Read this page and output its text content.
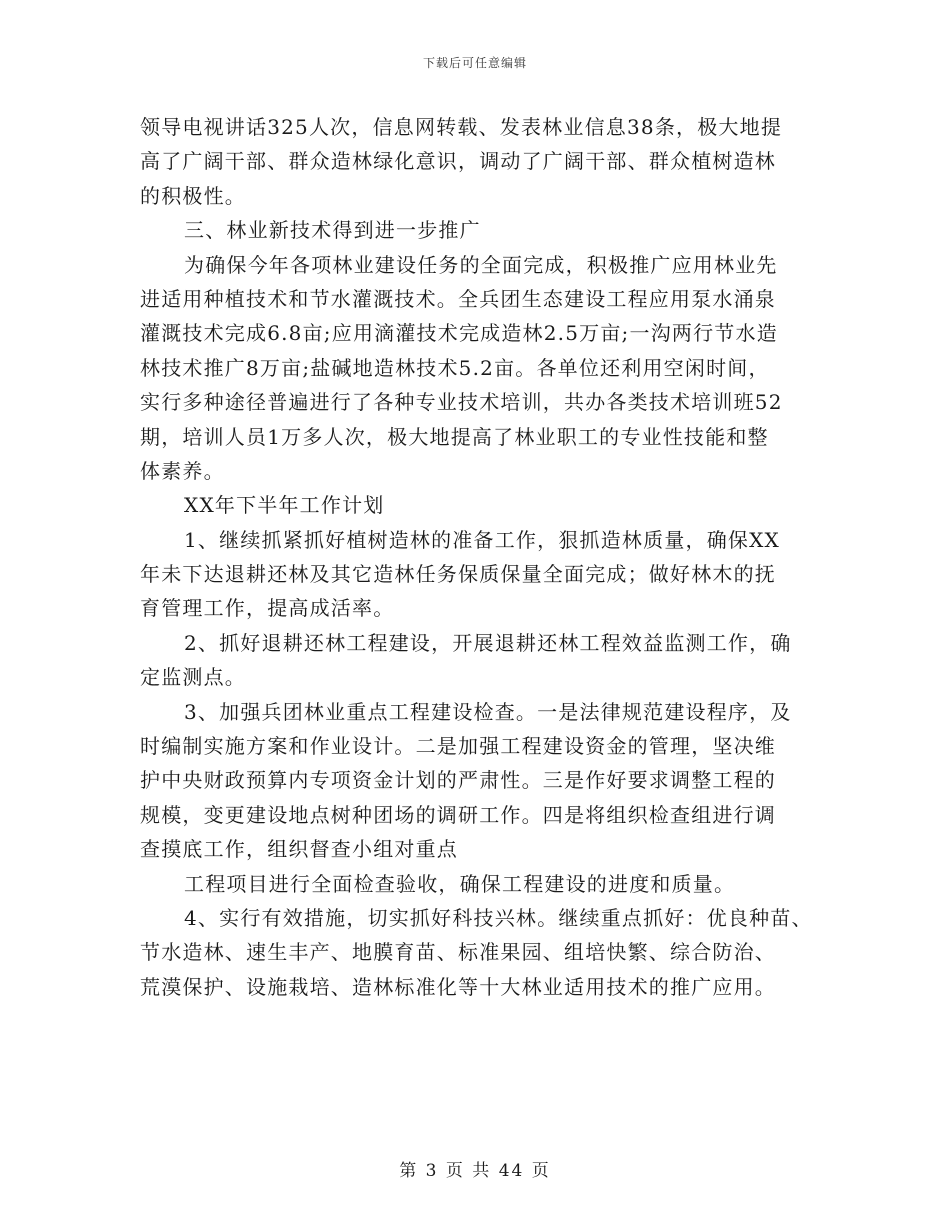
下载后可任意编辑
领导电视讲话325人次，信息网转载、发表林业信息38条，极大地提
高了广阔干部、群众造林绿化意识，调动了广阔干部、群众植树造林
的积极性。
三、林业新技术得到进一步推广
为确保今年各项林业建设任务的全面完成，积极推广应用林业先
进适用种植技术和节水灌溉技术。全兵团生态建设工程应用泵水涌泉
灌溉技术完成6.8亩;应用滴灌技术完成造林2.5万亩;一沟两行节水造
林技术推广8万亩;盐碱地造林技术5.2亩。各单位还利用空闲时间，
实行多种途径普遍进行了各种专业技术培训，共办各类技术培训班52
期，培训人员1万多人次，极大地提高了林业职工的专业性技能和整
体素养。
XX年下半年工作计划
1、继续抓紧抓好植树造林的准备工作，狠抓造林质量，确保XX
年未下达退耕还林及其它造林任务保质保量全面完成；做好林木的抚
育管理工作，提高成活率。
2、抓好退耕还林工程建设，开展退耕还林工程效益监测工作，确
定监测点。
3、加强兵团林业重点工程建设检查。一是法律规范建设程序，及
时编制实施方案和作业设计。二是加强工程建设资金的管理，坚决维
护中央财政预算内专项资金计划的严肃性。三是作好要求调整工程的
规模，变更建设地点树种团场的调研工作。四是将组织检查组进行调
查摸底工作，组织督查小组对重点
工程项目进行全面检查验收，确保工程建设的进度和质量。
4、实行有效措施，切实抓好科技兴林。继续重点抓好：优良种苗、
节水造林、速生丰产、地膜育苗、标准果园、组培快繁、综合防治、
荒漠保护、设施栽培、造林标准化等十大林业适用技术的推广应用。
第 3 页 共 44 页
